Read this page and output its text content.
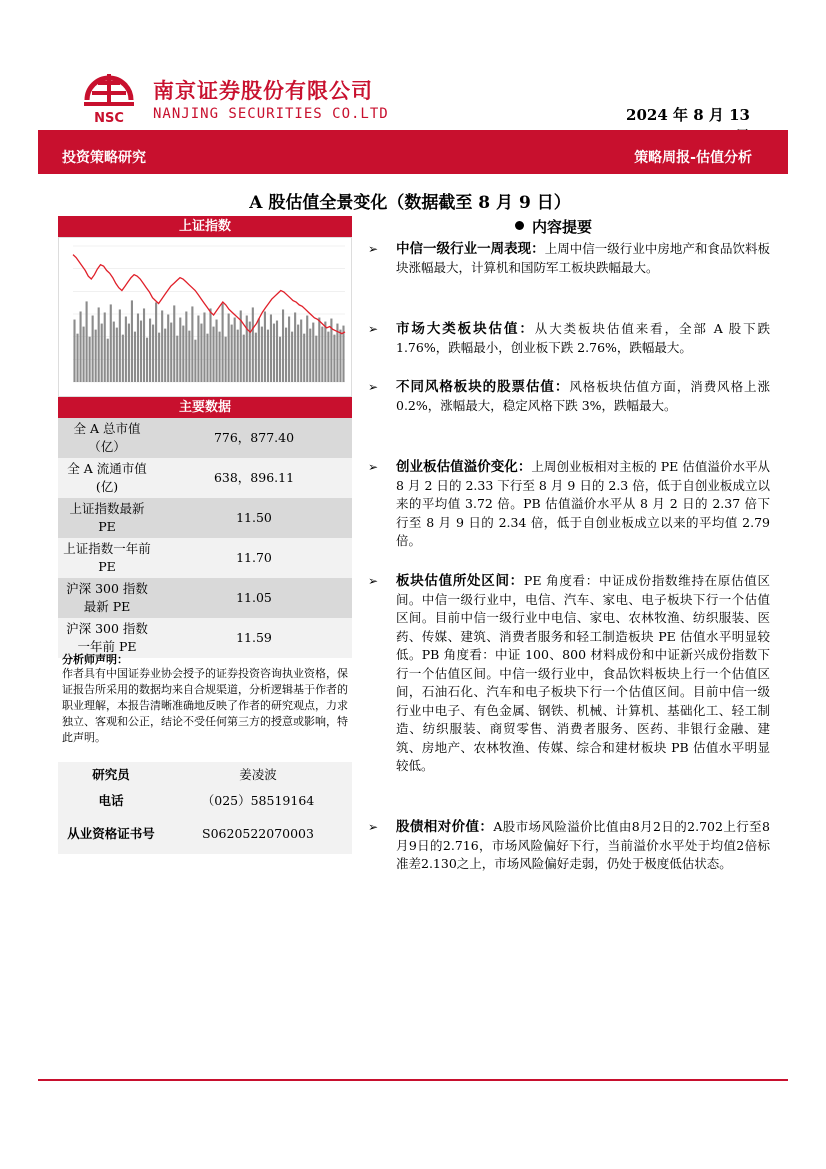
NSC
南京证券股份有限公司
NANJING SECURITIES CO.LTD	2024 年 8 月 13
投资策略研究	策略周报-估值分析
A 股估值全景变化（数据截至 8 月 9 日）
上证指数
主要数据
全 A 总市值（亿）	776，877.40
全 A 流通市值(亿)	638，896.11
上证指数最新 PE	11.50
上证指数一年前 PE	11.70
沪深 300 指数最新 PE	11.05
沪深 300 指数一年前 PE	11.59
分析师声明：
作者具有中国证券业协会授予的证券投资咨询执业资格，保证报告所采用的数据均来自合规渠道，分析逻辑基于作者的职业理解，本报告清晰准确地反映了作者的研究观点，力求独立、客观和公正，结论不受任何第三方的授意或影响，特此声明。
研究员	姜凌波
电话	（025）58519164
从业资格证书号	S0620522070003
内容提要
➢ 中信一级行业一周表现：上周中信一级行业中房地产和食品饮料板块涨幅最大，计算机和国防军工板块跌幅最大。
➢ 市场大类板块估值：从大类板块估值来看，全部 A 股下跌 1.76%，跌幅最小，创业板下跌 2.76%，跌幅最大。
➢ 不同风格板块的股票估值：风格板块估值方面，消费风格上涨 0.2%，涨幅最大，稳定风格下跌 3%，跌幅最大。
➢ 创业板估值溢价变化：上周创业板相对主板的 PE 估值溢价水平从 8 月 2 日的 2.33 下行至 8 月 9 日的 2.3 倍，低于自创业板成立以来的平均值 3.72 倍。PB 估值溢价水平从 8 月 2 日的 2.37 倍下行至 8 月 9 日的 2.34 倍，低于自创业板成立以来的平均值 2.79 倍。
➢ 板块估值所处区间：PE 角度看：中证成份指数维持在原估值区间。中信一级行业中，电信、汽车、家电、电子板块下行一个估值区间。目前中信一级行业中电信、家电、农林牧渔、纺织服装、医药、传媒、建筑、消费者服务和轻工制造板块 PE 估值水平明显较低。PB 角度看：中证 100、800 材料成份和中证新兴成份指数下行一个估值区间。中信一级行业中，食品饮料板块上行一个估值区间，石油石化、汽车和电子板块下行一个估值区间。目前中信一级行业中电子、有色金属、钢铁、机械、计算机、基础化工、轻工制造、纺织服装、商贸零售、消费者服务、医药、非银行金融、建筑、房地产、农林牧渔、传媒、综合和建材板块 PB 估值水平明显较低。
➢ 股债相对价值：A股市场风险溢价比值由8月2日的2.702上行至8月9日的2.716，市场风险偏好下行，当前溢价水平处于均值2倍标准差2.130之上，市场风险偏好走弱，仍处于极度低估状态。
